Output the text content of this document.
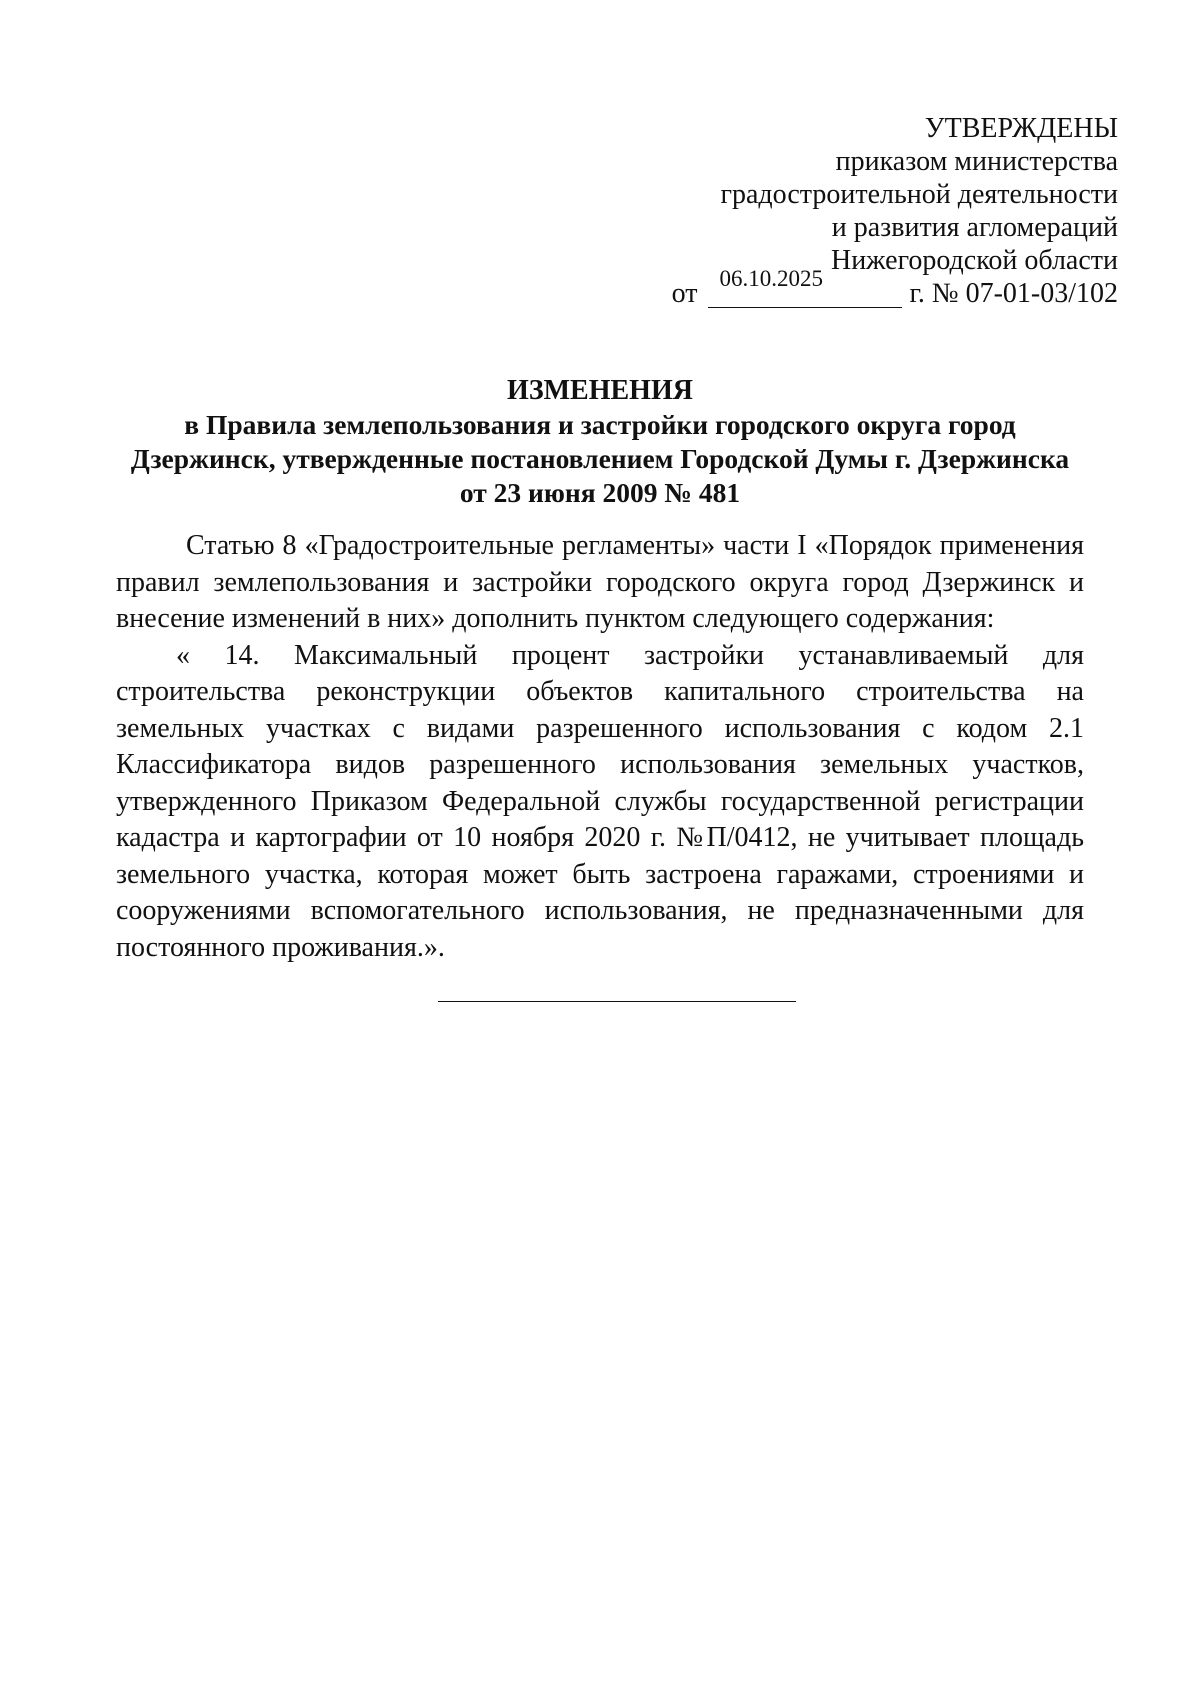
УТВЕРЖДЕНЫ
приказом министерства
градостроительной деятельности
и развития агломераций
Нижегородской области
от 06.10.2025	г. № 07-01-03/102
ИЗМЕНЕНИЯ
в Правила землепользования и застройки городского округа город
Дзержинск, утвержденные постановлением Городской Думы г. Дзержинска
от 23 июня 2009 № 481

Статью 8 «Градостроительные регламенты» части I «Порядок применения правил землепользования и застройки городского округа город Дзержинск и внесение изменений в них» дополнить пунктом следующего содержания:

« 14. Максимальный процент застройки устанавливаемый для строительства реконструкции объектов капитального строительства на земельных участках с видами разрешенного использования с кодом 2.1 Классификатора видов разрешенного использования земельных участков, утвержденного Приказом Федеральной службы государственной регистрации кадастра и картографии от 10 ноября 2020 г. №П/0412, не учитывает площадь земельного участка, которая может быть застроена гаражами, строениями и сооружениями вспомогательного использования, не предназначенными для постоянного проживания.».
